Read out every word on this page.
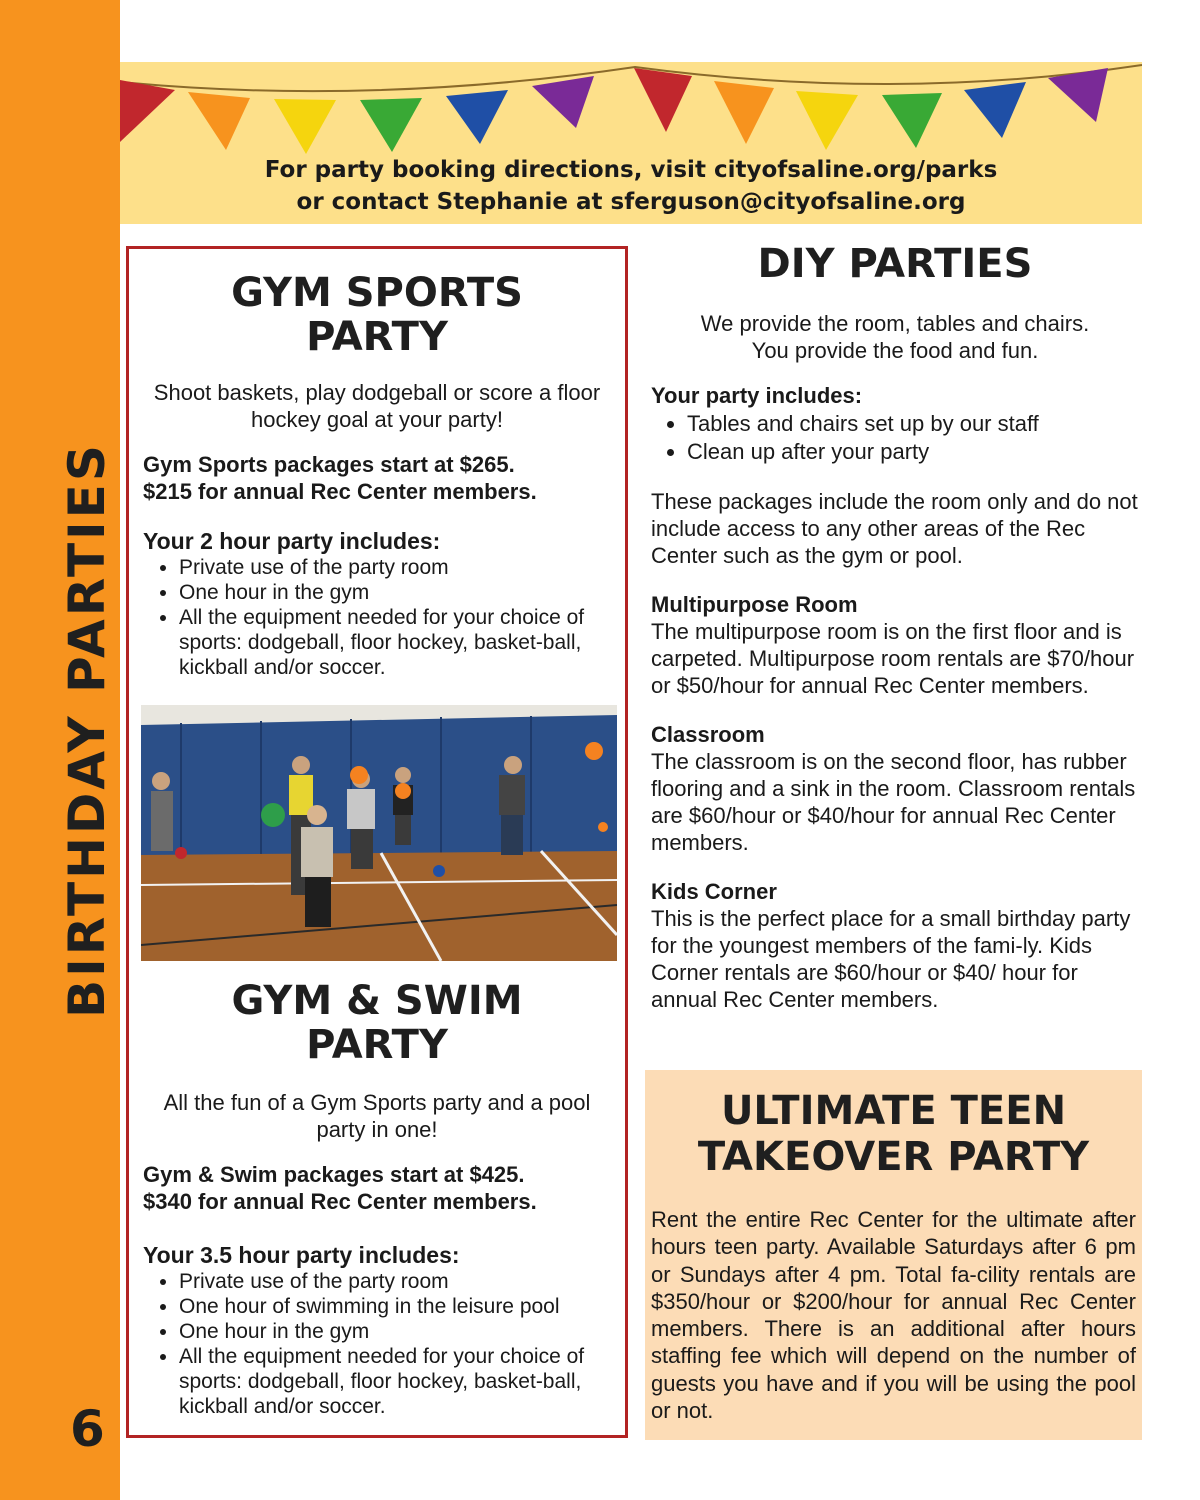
BIRTHDAY PARTIES
6
For party booking directions, visit cityofsaline.org/parks
or contact Stephanie at sferguson@cityofsaline.org
GYM SPORTS
PARTY

Shoot baskets, play dodgeball or score a floor hockey goal at your party!

Gym Sports packages start at $265.

$215 for annual Rec Center members.

Your 2 hour party includes:

• Private use of the party room
• One hour in the gym
• All the equipment needed for your choice of sports: dodgeball, floor hockey, basket-ball, kickball and/or soccer.
GYM & SWIM
PARTY

All the fun of a Gym Sports party and a pool party in one!

Gym & Swim packages start at $425.

$340 for annual Rec Center members.

Your 3.5 hour party includes:

• Private use of the party room
• One hour of swimming in the leisure pool
• One hour in the gym
• All the equipment needed for your choice of sports: dodgeball, floor hockey, basket-ball, kickball and/or soccer.
DIY PARTIES

We provide the room, tables and chairs.
You provide the food and fun.

Your party includes:

• Tables and chairs set up by our staff
• Clean up after your party

These packages include the room only and do not include access to any other areas of the Rec Center such as the gym or pool.

Multipurpose Room

The multipurpose room is on the first floor and is carpeted. Multipurpose room rentals are $70/hour or $50/hour for annual Rec Center members.

Classroom

The classroom is on the second floor, has rubber flooring and a sink in the room. Classroom rentals are $60/hour or $40/hour for annual Rec Center members.

Kids Corner

This is the perfect place for a small birthday party for the youngest members of the fami-ly. Kids Corner rentals are $60/hour or $40/ hour for annual Rec Center members.

ULTIMATE TEEN
TAKEOVER PARTY

Rent the entire Rec Center for the ultimate after hours teen party. Available Saturdays after 6 pm or Sundays after 4 pm. Total fa-cility rentals are $350/hour or $200/hour for annual Rec Center members. There is an additional after hours staffing fee which will depend on the number of guests you have and if you will be using the pool or not.
